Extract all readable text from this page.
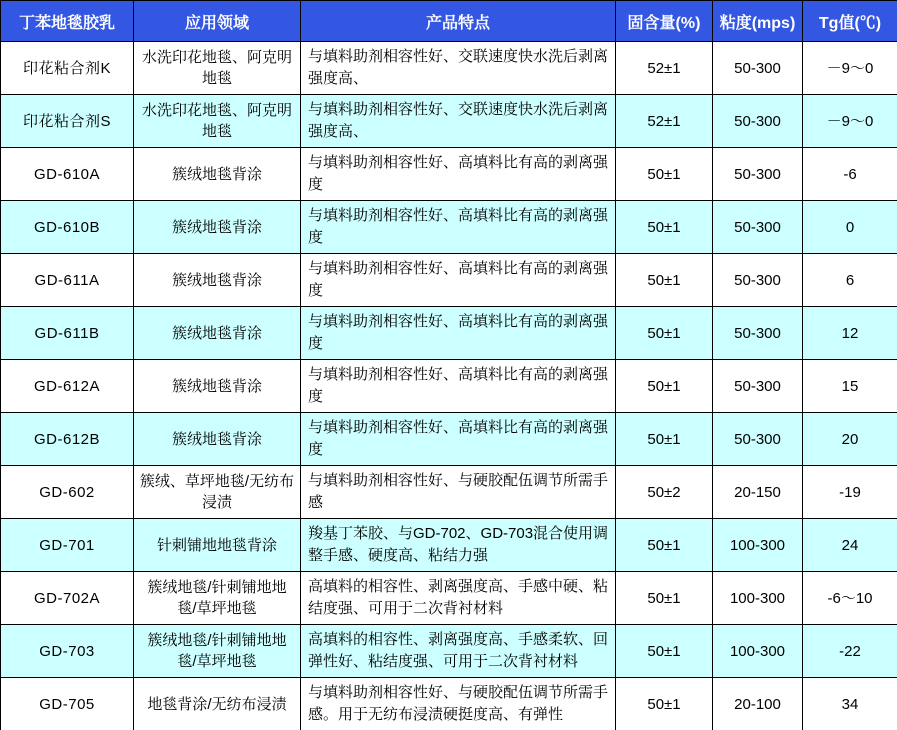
丁苯地毯胶乳	应用领域	产品特点	固含量(%)	粘度(mps)	Tg值(℃)
印花粘合剂K	水洗印花地毯、阿克明地毯	与填料助剂相容性好、交联速度快水洗后剥离强度高、	52±1	50-300	－9～0
印花粘合剂S	水洗印花地毯、阿克明地毯	与填料助剂相容性好、交联速度快水洗后剥离强度高、	52±1	50-300	－9～0
GD-610A	簇绒地毯背涂	与填料助剂相容性好、高填料比有高的剥离强度	50±1	50-300	-6
GD-610B	簇绒地毯背涂	与填料助剂相容性好、高填料比有高的剥离强度	50±1	50-300	0
GD-611A	簇绒地毯背涂	与填料助剂相容性好、高填料比有高的剥离强度	50±1	50-300	6
GD-611B	簇绒地毯背涂	与填料助剂相容性好、高填料比有高的剥离强度	50±1	50-300	12
GD-612A	簇绒地毯背涂	与填料助剂相容性好、高填料比有高的剥离强度	50±1	50-300	15
GD-612B	簇绒地毯背涂	与填料助剂相容性好、高填料比有高的剥离强度	50±1	50-300	20
GD-602	簇绒、草坪地毯/无纺布浸渍	与填料助剂相容性好、与硬胶配伍调节所需手感	50±2	20-150	-19
GD-701	针刺铺地地毯背涂	羧基丁苯胶、与GD-702、GD-703混合使用调整手感、硬度高、粘结力强	50±1	100-300	24
GD-702A	簇绒地毯/针刺铺地地毯/草坪地毯	高填料的相容性、剥离强度高、手感中硬、粘结度强、可用于二次背衬材料	50±1	100-300	-6～10
GD-703	簇绒地毯/针刺铺地地毯/草坪地毯	高填料的相容性、剥离强度高、手感柔软、回弹性好、粘结度强、可用于二次背衬材料	50±1	100-300	-22
GD-705	地毯背涂/无纺布浸渍	与填料助剂相容性好、与硬胶配伍调节所需手感。用于无纺布浸渍硬挺度高、有弹性	50±1	20-100	34
